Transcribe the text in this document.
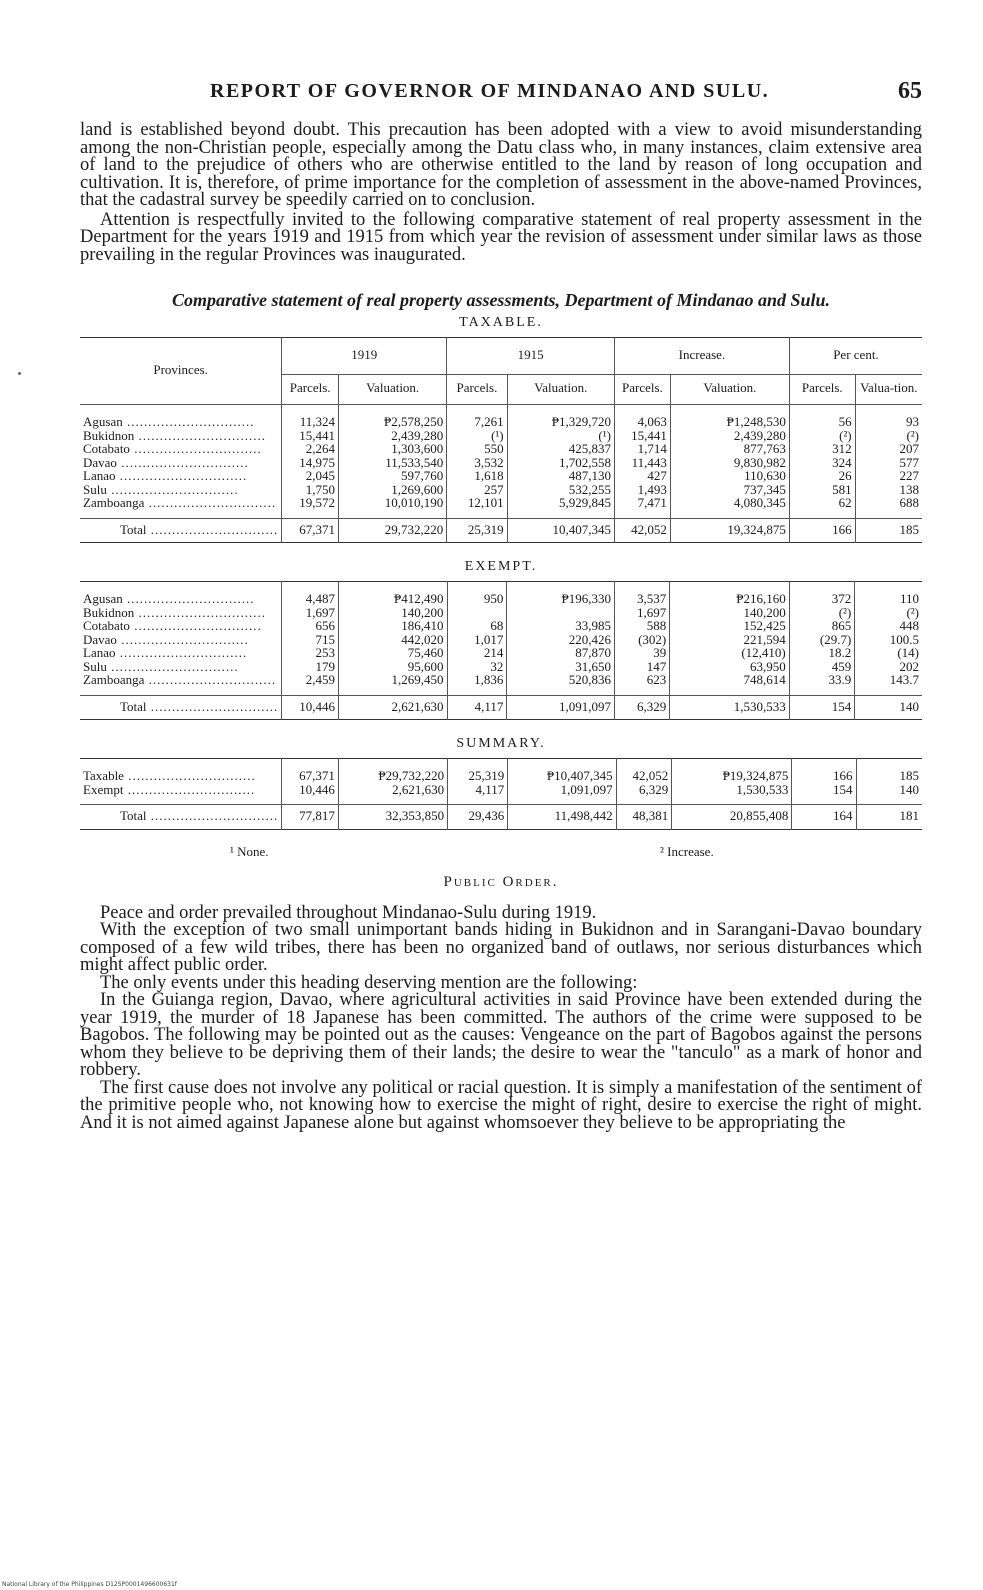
REPORT OF GOVERNOR OF MINDANAO AND SULU.	65

land is established beyond doubt. This precaution has been adopted with a view to avoid misunderstanding among the non-Christian people, especially among the Datu class who, in many instances, claim extensive area of land to the prejudice of others who are otherwise entitled to the land by reason of long occupation and cultivation. It is, therefore, of prime importance for the completion of assessment in the above-named Provinces, that the cadastral survey be speedily carried on to conclusion.

Attention is respectfully invited to the following comparative statement of real property assessment in the Department for the years 1919 and 1915 from which year the revision of assessment under similar laws as those prevailing in the regular Provinces was inaugurated.

Comparative statement of real property assessments, Department of Mindanao and Sulu.
TAXABLE.
Provinces.	1919		1915		Increase.		Per cent.	
	Parcels.	Valuation.	Parcels.	Valuation.	Parcels.	Valuation.	Parcels.	Valua-tion.
Agusan ..............................	11,324	₱2,578,250	7,261	₱1,329,720	4,063	₱1,248,530	56	93
Bukidnon ..............................	15,441	2,439,280	(¹)	(¹)	15,441	2,439,280	(²)	(²)
Cotabato ..............................	2,264	1,303,600	550	425,837	1,714	877,763	312	207
Davao ..............................	14,975	11,533,540	3,532	1,702,558	11,443	9,830,982	324	577
Lanao ..............................	2,045	597,760	1,618	487,130	427	110,630	26	227
Sulu ..............................	1,750	1,269,600	257	532,255	1,493	737,345	581	138
Zamboanga ..............................	19,572	10,010,190	12,101	5,929,845	7,471	4,080,345	62	688
Total ..............................	67,371	29,732,220	25,319	10,407,345	42,052	19,324,875	166	185
EXEMPT.
Agusan ..............................	4,487	₱412,490	950	₱196,330	3,537	₱216,160	372	110
Bukidnon ..............................	1,697	140,200			1,697	140,200	(²)	(²)
Cotabato ..............................	656	186,410	68	33,985	588	152,425	865	448
Davao ..............................	715	442,020	1,017	220,426	(302)	221,594	(29.7)	100.5
Lanao ..............................	253	75,460	214	87,870	39	(12,410)	18.2	(14)
Sulu ..............................	179	95,600	32	31,650	147	63,950	459	202
Zamboanga ..............................	2,459	1,269,450	1,836	520,836	623	748,614	33.9	143.7
Total ..............................	10,446	2,621,630	4,117	1,091,097	6,329	1,530,533	154	140
SUMMARY.
Taxable ..............................	67,371	₱29,732,220	25,319	₱10,407,345	42,052	₱19,324,875	166	185
Exempt ..............................	10,446	2,621,630	4,117	1,091,097	6,329	1,530,533	154	140
Total ..............................	77,817	32,353,850	29,436	11,498,442	48,381	20,855,408	164	181
¹ None.	² Increase.
Public Order.

Peace and order prevailed throughout Mindanao-Sulu during 1919.

With the exception of two small unimportant bands hiding in Bukidnon and in Sarangani-Davao boundary composed of a few wild tribes, there has been no organized band of outlaws, nor serious disturbances which might affect public order.

The only events under this heading deserving mention are the following:

In the Guianga region, Davao, where agricultural activities in said Province have been extended during the year 1919, the murder of 18 Japanese has been committed. The authors of the crime were supposed to be Bagobos. The following may be pointed out as the causes: Vengeance on the part of Bagobos against the persons whom they believe to be depriving them of their lands; the desire to wear the "tanculo" as a mark of honor and robbery.

The first cause does not involve any political or racial question. It is simply a manifestation of the sentiment of the primitive people who, not knowing how to exercise the might of right, desire to exercise the right of might. And it is not aimed against Japanese alone but against whomsoever they believe to be appropriating the

National Library of the Philippines D125P0001496600631f
